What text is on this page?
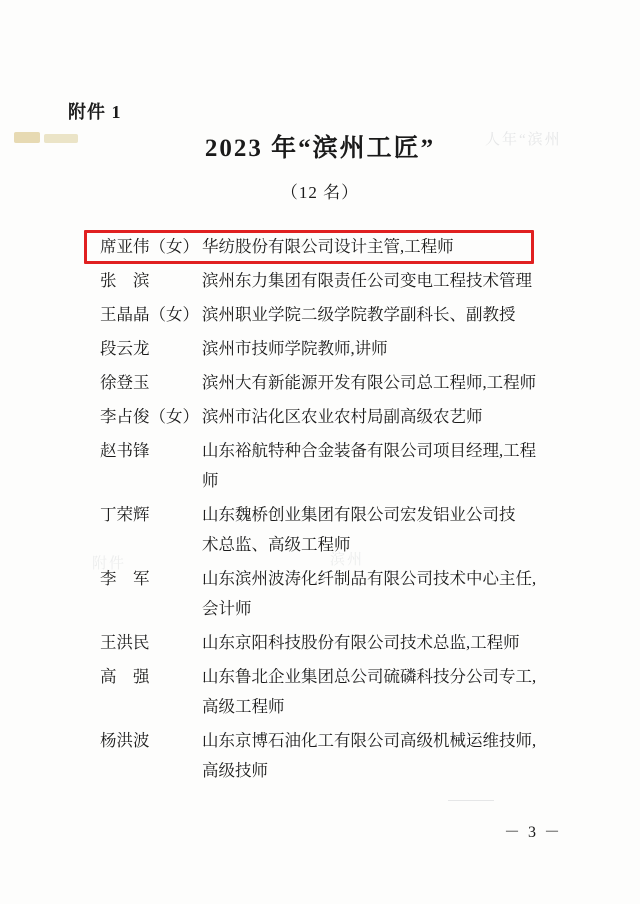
人年“滨州
附件	滨州
附件 1
2023 年“滨州工匠”
（12 名）
席亚伟（女） 华纺股份有限公司设计主管,工程师
张　滨	滨州东力集团有限责任公司变电工程技术管理
王晶晶（女） 滨州职业学院二级学院教学副科长、副教授
段云龙	滨州市技师学院教师,讲师
徐登玉	滨州大有新能源开发有限公司总工程师,工程师
李占俊（女） 滨州市沾化区农业农村局副高级农艺师
赵书锋	山东裕航特种合金装备有限公司项目经理,工程师
丁荣辉	山东魏桥创业集团有限公司宏发铝业公司技
术总监、高级工程师
李　军	山东滨州波涛化纤制品有限公司技术中心主任,
会计师
王洪民	山东京阳科技股份有限公司技术总监,工程师
高　强	山东鲁北企业集团总公司硫磷科技分公司专工,
高级工程师
杨洪波	山东京博石油化工有限公司高级机械运维技师,
高级技师
－ 3 －
